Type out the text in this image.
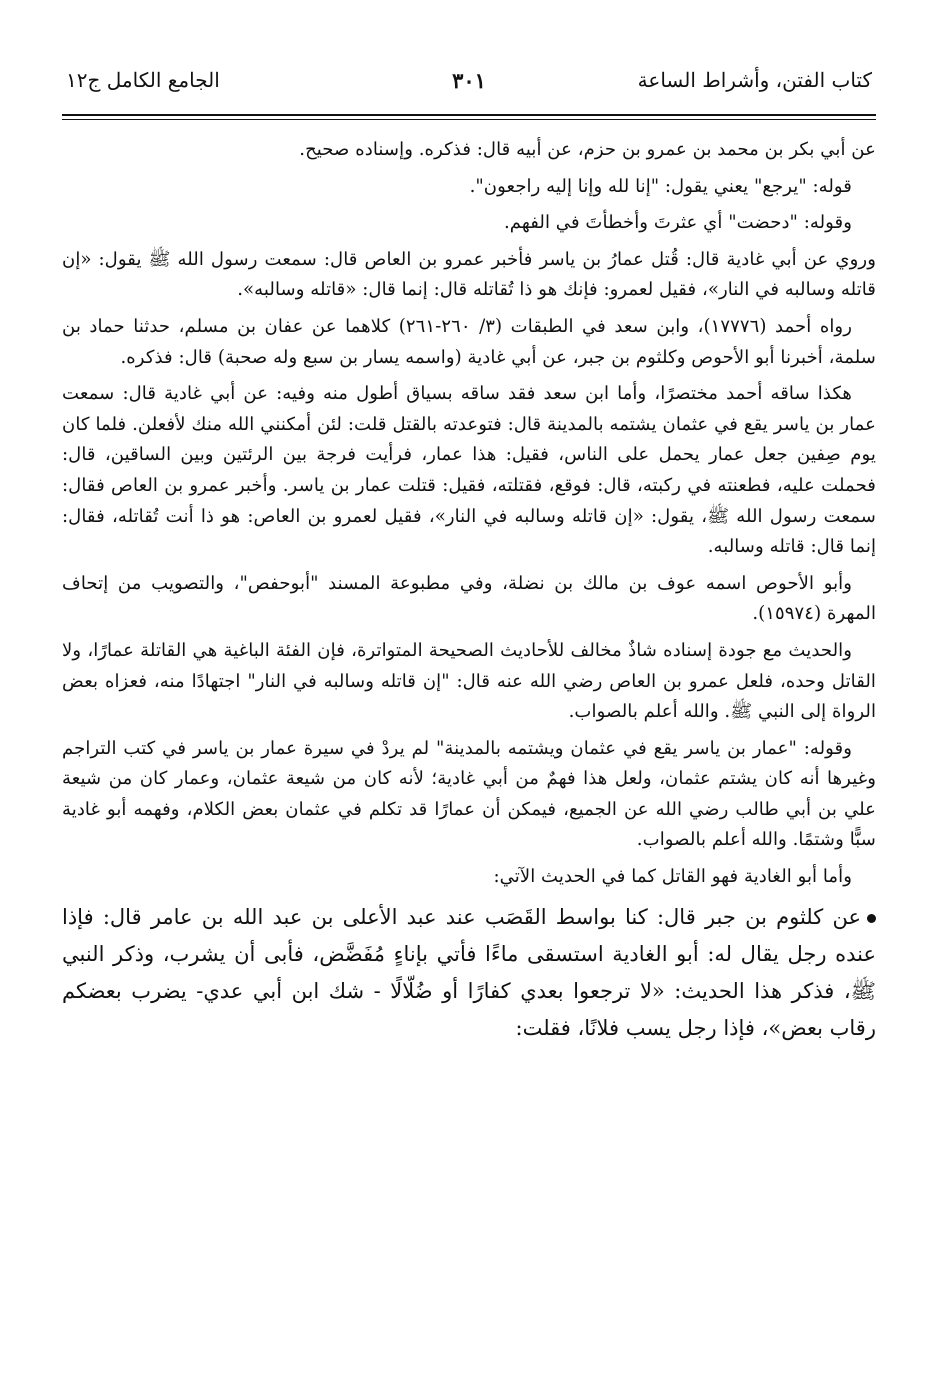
كتاب الفتن، وأشراط الساعة
٣٠١
الجامع الكامل ج١٢

عن أبي بكر بن محمد بن عمرو بن حزم، عن أبيه قال: فذكره. وإسناده صحيح.

قوله: "يرجع" يعني يقول: "إنا لله وإنا إليه راجعون".

وقوله: "دحضت" أي عثرتَ وأخطأتَ في الفهم.

وروي عن أبي غادية قال: قُتل عمارُ بن ياسر فأخبر عمرو بن العاص قال: سمعت رسول الله ﷺ يقول: «إن قاتله وسالبه في النار»، فقيل لعمرو: فإنك هو ذا تُقاتله قال: إنما قال: «قاتله وسالبه».

رواه أحمد (١٧٧٧٦)، وابن سعد في الطبقات (٣/ ٢٦٠-٢٦١) كلاهما عن عفان بن مسلم، حدثنا حماد بن سلمة، أخبرنا أبو الأحوص وكلثوم بن جبر، عن أبي غادية (واسمه يسار بن سبع وله صحبة) قال: فذكره.

هكذا ساقه أحمد مختصرًا، وأما ابن سعد فقد ساقه بسياق أطول منه وفيه: عن أبي غادية قال: سمعت عمار بن ياسر يقع في عثمان يشتمه بالمدينة قال: فتوعدته بالقتل قلت: لئن أمكنني الله منك لأفعلن. فلما كان يوم صِفين جعل عمار يحمل على الناس، فقيل: هذا عمار، فرأيت فرجة بين الرئتين وبين الساقين، قال: فحملت عليه، فطعنته في ركبته، قال: فوقع، فقتلته، فقيل: قتلت عمار بن ياسر. وأخبر عمرو بن العاص فقال: سمعت رسول الله ﷺ، يقول: «إن قاتله وسالبه في النار»، فقيل لعمرو بن العاص: هو ذا أنت تُقاتله، فقال: إنما قال: قاتله وسالبه.

وأبو الأحوص اسمه عوف بن مالك بن نضلة، وفي مطبوعة المسند "أبوحفص"، والتصويب من إتحاف المهرة (١٥٩٧٤).

والحديث مع جودة إسناده شاذٌ مخالف للأحاديث الصحيحة المتواترة، فإن الفئة الباغية هي القاتلة عمارًا، ولا القاتل وحده، فلعل عمرو بن العاص رضي الله عنه قال: "إن قاتله وسالبه في النار" اجتهادًا منه، فعزاه بعض الرواة إلى النبي ﷺ. والله أعلم بالصواب.

وقوله: "عمار بن ياسر يقع في عثمان ويشتمه بالمدينة" لم يردْ في سيرة عمار بن ياسر في كتب التراجم وغيرها أنه كان يشتم عثمان، ولعل هذا فهمٌ من أبي غادية؛ لأنه كان من شيعة عثمان، وعمار كان من شيعة علي بن أبي طالب رضي الله عن الجميع، فيمكن أن عمارًا قد تكلم في عثمان بعض الكلام، وفهمه أبو غادية سبًّا وشتمًا. والله أعلم بالصواب.

وأما أبو الغادية فهو القاتل كما في الحديث الآتي:

عن كلثوم بن جبر قال: كنا بواسط القَصَب عند عبد الأعلى بن عبد الله بن عامر قال: فإذا عنده رجل يقال له: أبو الغادية استسقى ماءًا فأتي بإناءٍ مُفَضَّض، فأبى أن يشرب، وذكر النبي ﷺ، فذكر هذا الحديث: «لا ترجعوا بعدي كفارًا أو ضُلّالًا - شك ابن أبي عدي- يضرب بعضكم رقاب بعض»، فإذا رجل يسب فلانًا، فقلت:
